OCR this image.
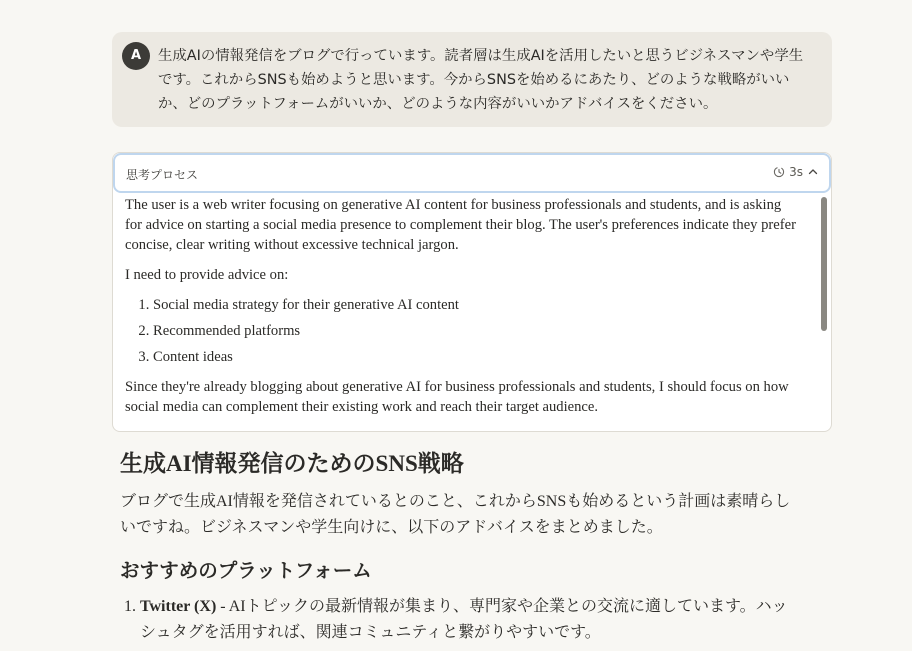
A	生成AIの情報発信をブログで行っています。読者層は生成AIを活用したいと思うビジネスマンや学生です。これからSNSも始めようと思います。今からSNSを始めるにあたり、どのような戦略がいいか、どのプラットフォームがいいか、どのような内容がいいかアドバイスをください。
思考プロセス	3s

The user is a web writer focusing on generative AI content for business professionals and students, and is asking for advice on starting a social media presence to complement their blog. The user's preferences indicate they prefer concise, clear writing without excessive technical jargon.

I need to provide advice on:

1. Social media strategy for their generative AI content
2. Recommended platforms
3. Content ideas

Since they're already blogging about generative AI for business professionals and students, I should focus on how social media can complement their existing work and reach their target audience.

生成AI情報発信のためのSNS戦略

ブログで生成AI情報を発信されているとのこと、これからSNSも始めるという計画は素晴らしいですね。ビジネスマンや学生向けに、以下のアドバイスをまとめました。

おすすめのプラットフォーム
1. Twitter (X) - AIトピックの最新情報が集まり、専門家や企業との交流に適しています。ハッシュタグを活用すれば、関連コミュニティと繋がりやすいです。
